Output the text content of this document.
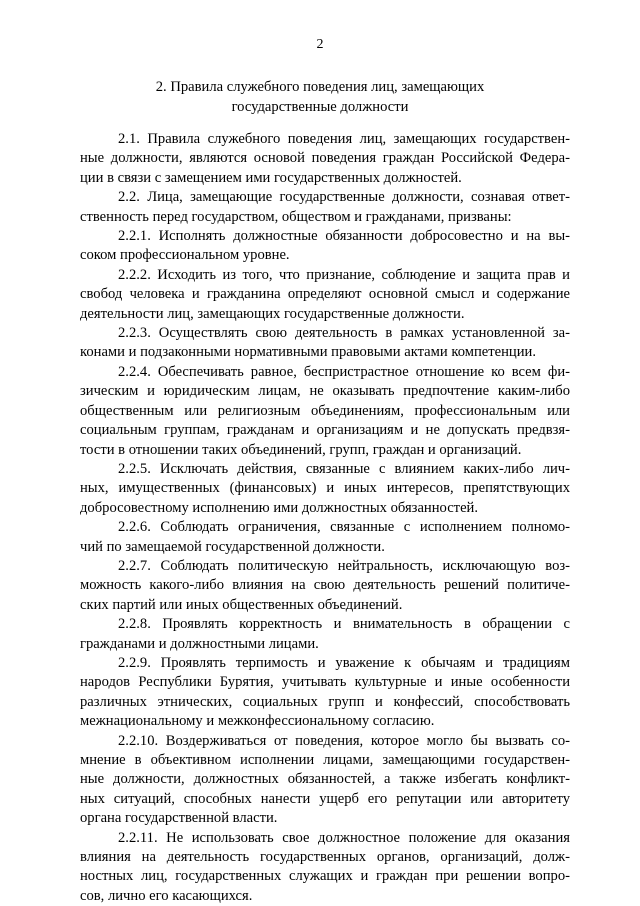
2
2. Правила служебного поведения лиц, замещающих
государственные должности
2.1. Правила служебного поведения лиц, замещающих государствен-
ные должности, являются основой поведения граждан Российской Федера-
ции в связи с замещением ими государственных должностей.
2.2. Лица, замещающие государственные должности, сознавая ответ-
ственность перед государством, обществом и гражданами, призваны:
2.2.1. Исполнять должностные обязанности добросовестно и на вы-
соком профессиональном уровне.
2.2.2. Исходить из того, что признание, соблюдение и защита прав и
свобод человека и гражданина определяют основной смысл и содержание
деятельности лиц, замещающих государственные должности.
2.2.3. Осуществлять свою деятельность в рамках установленной за-
конами и подзаконными нормативными правовыми актами компетенции.
2.2.4. Обеспечивать равное, беспристрастное отношение ко всем фи-
зическим и юридическим лицам, не оказывать предпочтение каким-либо
общественным или религиозным объединениям, профессиональным или
социальным группам, гражданам и организациям и не допускать предвзя-
тости в отношении таких объединений, групп, граждан и организаций.
2.2.5. Исключать действия, связанные с влиянием каких-либо лич-
ных, имущественных (финансовых) и иных интересов, препятствующих
добросовестному исполнению ими должностных обязанностей.
2.2.6. Соблюдать ограничения, связанные с исполнением полномо-
чий по замещаемой государственной должности.
2.2.7. Соблюдать политическую нейтральность, исключающую воз-
можность какого-либо влияния на свою деятельность решений политиче-
ских партий или иных общественных объединений.
2.2.8. Проявлять корректность и внимательность в обращении с
гражданами и должностными лицами.
2.2.9. Проявлять терпимость и уважение к обычаям и традициям
народов Республики Бурятия, учитывать культурные и иные особенности
различных этнических, социальных групп и конфессий, способствовать
межнациональному и межконфессиональному согласию.
2.2.10. Воздерживаться от поведения, которое могло бы вызвать со-
мнение в объективном исполнении лицами, замещающими государствен-
ные должности, должностных обязанностей, а также избегать конфликт-
ных ситуаций, способных нанести ущерб его репутации или авторитету
органа государственной власти.
2.2.11. Не использовать свое должностное положение для оказания
влияния на деятельность государственных органов, организаций, долж-
ностных лиц, государственных служащих и граждан при решении вопро-
сов, лично его касающихся.
